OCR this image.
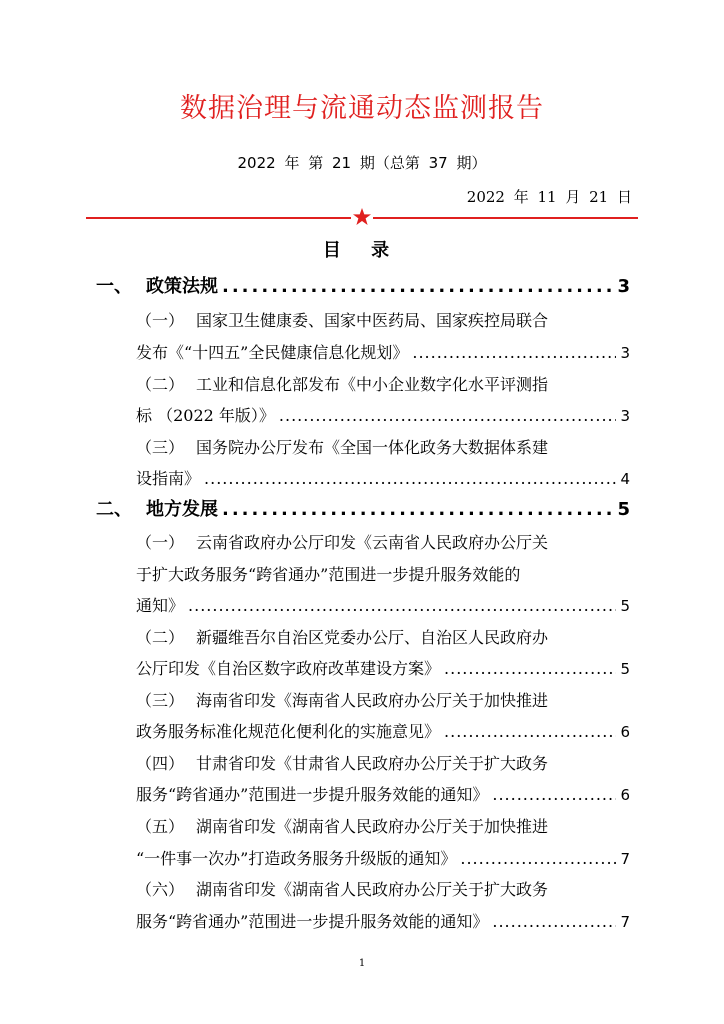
数据治理与流通动态监测报告
2022 年 第 21 期（总第 37 期）
2022 年 11 月 21 日
目 录
一、 政策法规 .....	3
（一） 国家卫生健康委、国家中医药局、国家疾控局联合
发布《“十四五”全民健康信息化规划》 .....	3
（二） 工业和信息化部发布《中小企业数字化水平评测指
标 （2022 年版）》 .....	3
（三） 国务院办公厅发布《全国一体化政务大数据体系建
设指南》 .....	4
二、 地方发展 .....	5
（一） 云南省政府办公厅印发《云南省人民政府办公厅关
于扩大政务服务“跨省通办”范围进一步提升服务效能的
通知》 .....	5
（二） 新疆维吾尔自治区党委办公厅、自治区人民政府办
公厅印发《自治区数字政府改革建设方案》 .....	5
（三） 海南省印发《海南省人民政府办公厅关于加快推进
政务服务标准化规范化便利化的实施意见》 .....	6
（四） 甘肃省印发《甘肃省人民政府办公厅关于扩大政务
服务“跨省通办”范围进一步提升服务效能的通知》 .....	6
（五） 湖南省印发《湖南省人民政府办公厅关于加快推进
“一件事一次办”打造政务服务升级版的通知》 .....	7
（六） 湖南省印发《湖南省人民政府办公厅关于扩大政务
服务“跨省通办”范围进一步提升服务效能的通知》 .....	7
1
